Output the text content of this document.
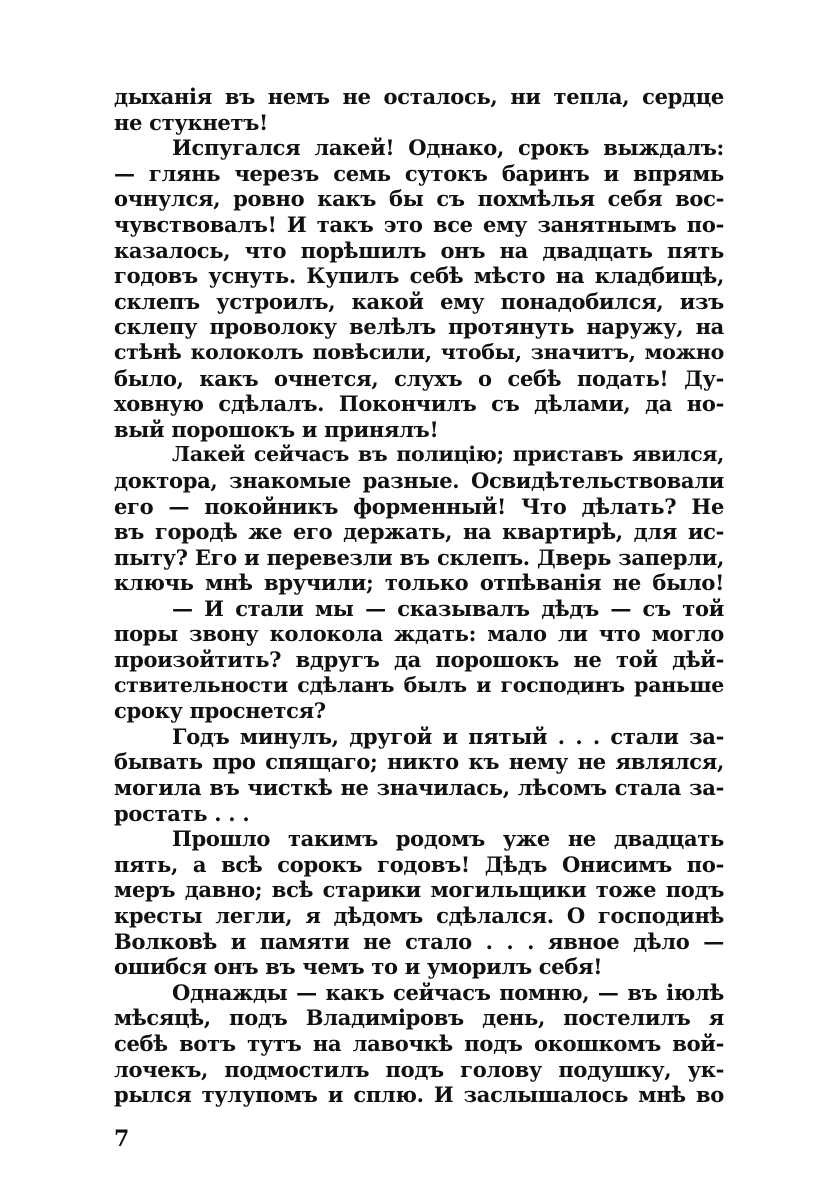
дыханія въ немъ не осталось, ни тепла, сердце
не стукнетъ!
Испугался лакей! Однако, срокъ выждалъ:
— глянь черезъ семь сутокъ баринъ и впрямь
очнулся, ровно какъ бы съ похмѣлья себя вос-
чувствовалъ! И такъ это все ему занятнымъ по-
казалось, что порѣшилъ онъ на двадцать пять
годовъ уснуть. Купилъ себѣ мѣсто на кладбищѣ,
склепъ устроилъ, какой ему понадобился, изъ
склепу проволоку велѣлъ протянуть наружу, на
стѣнѣ колоколъ повѣсили, чтобы, значитъ, можно
было, какъ очнется, слухъ о себѣ подать! Ду-
ховную сдѣлалъ. Покончилъ съ дѣлами, да но-
вый порошокъ и принялъ!
Лакей сейчасъ въ полицію; приставъ явился,
доктора, знакомые разные. Освидѣтельствовали
его — покойникъ форменный! Что дѣлать? Не
въ городѣ же его держать, на квартирѣ, для ис-
пыту? Его и перевезли въ склепъ. Дверь заперли,
ключь мнѣ вручили; только отпѣванія не было!
— И стали мы — сказывалъ дѣдъ — съ той
поры звону колокола ждать: мало ли что могло
произойтить? вдругъ да порошокъ не той дѣй-
ствительности сдѣланъ былъ и господинъ раньше
сроку проснется?
Годъ минулъ, другой и пятый . . . стали за-
бывать про спящаго; никто къ нему не являлся,
могила въ чисткѣ не значилась, лѣсомъ стала за-
ростать . . .
Прошло такимъ родомъ уже не двадцать
пять, а всѣ сорокъ годовъ! Дѣдъ Онисимъ по-
меръ давно; всѣ старики могильщики тоже подъ
кресты легли, я дѣдомъ сдѣлался. О господинѣ
Волковѣ и памяти не стало . . . явное дѣло —
ошибся онъ въ чемъ то и уморилъ себя!
Однажды — какъ сейчасъ помню, — въ іюлѣ
мѣсяцѣ, подъ Владиміровъ день, постелилъ я
себѣ вотъ тутъ на лавочкѣ подъ окошкомъ вой-
лочекъ, подмостилъ подъ голову подушку, ук-
рылся тулупомъ и сплю. И заслышалось мнѣ во
7
